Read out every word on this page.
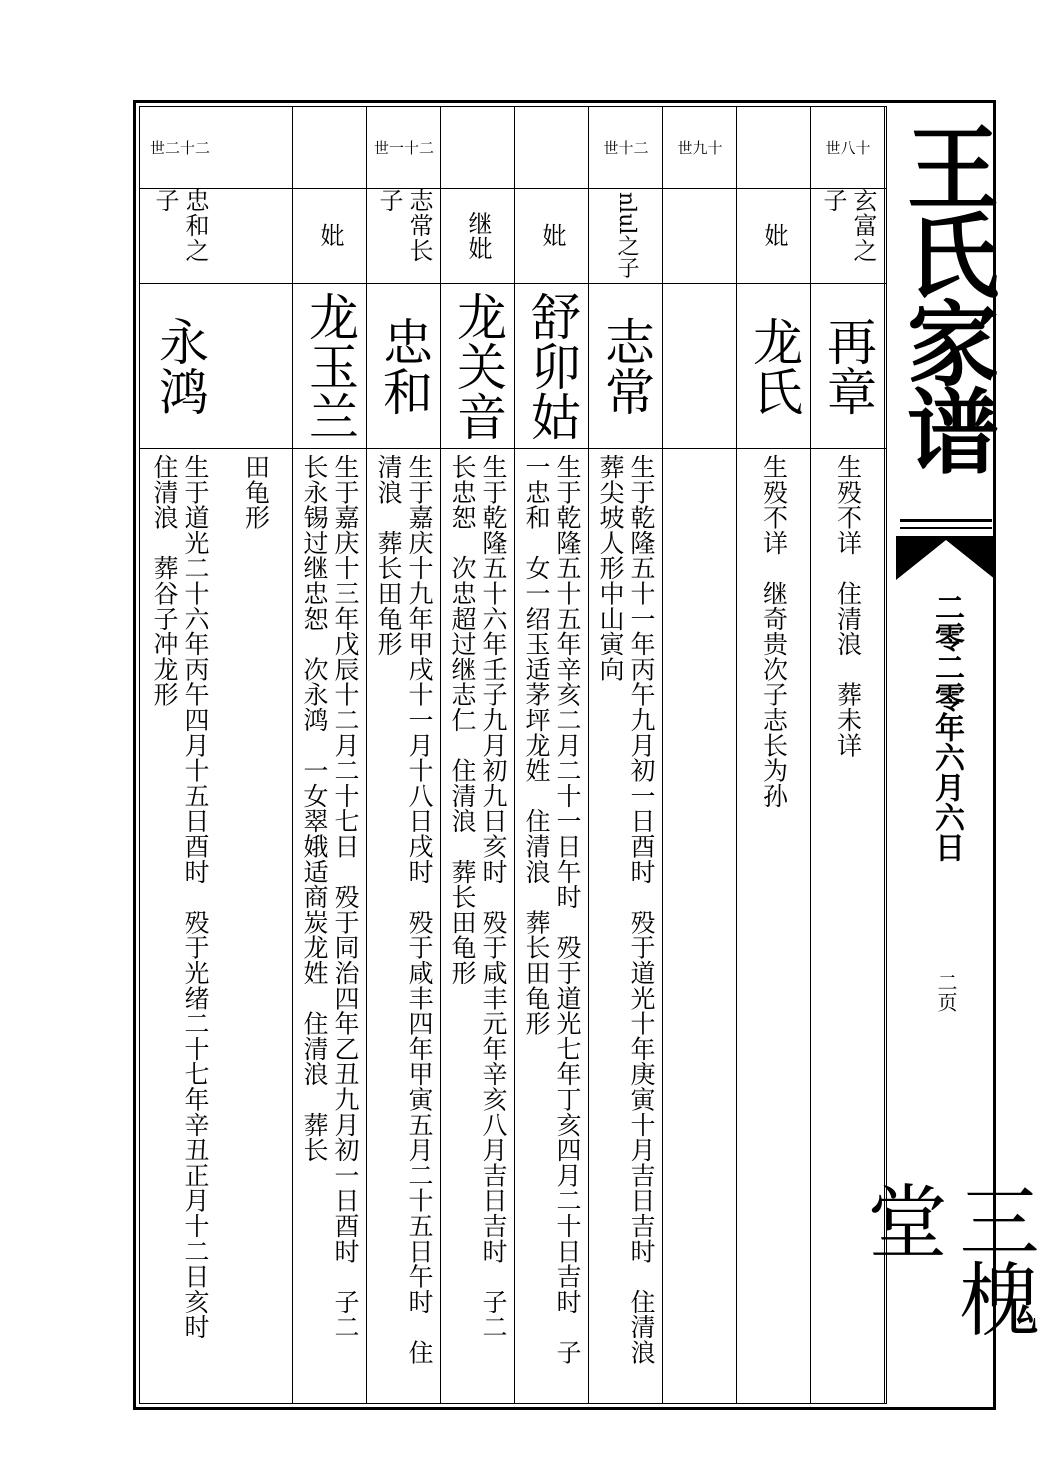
世八十
玄富之子
再章
生殁不详　住清浪　葬未详
妣
龙氏
生殁不详　继奇贵次子志长为孙
世九十
世十二
nlul之子
志常
生于乾隆五十一年丙午九月初一日酉时　殁于道光十年庚寅十月吉日吉时　住清浪　葬尖坡人形中山寅向
妣
舒卯姑
生于乾隆五十五年辛亥二月二十一日午时　殁于道光七年丁亥四月二十日吉时　子一忠和　女一绍玉适茅坪龙姓　住清浪　葬长田龟形
继妣
龙关音
生于乾隆五十六年壬子九月初九日亥时　殁于咸丰元年辛亥八月吉日吉时　子二　长忠恕　次忠超过继志仁　住清浪　葬长田龟形
世一十二
志常长子
忠和
生于嘉庆十九年甲戌十一月十八日戌时　殁于咸丰四年甲寅五月二十五日午时　住清浪　葬长田龟形
妣
龙玉兰
生于嘉庆十三年戊辰十二月二十七日　殁于同治四年乙丑九月初一日酉时　子二　长永锡过继忠恕　次永鸿　一女翠娥适商炭龙姓　住清浪　葬长
田龟形
世二十二
忠和之子
永鸿
生于道光二十六年丙午四月十五日酉时　殁于光绪二十七年辛丑正月十二日亥时　住清浪　葬谷子冲龙形
王氏家谱
二零二零年六月六日
二页
三槐堂
